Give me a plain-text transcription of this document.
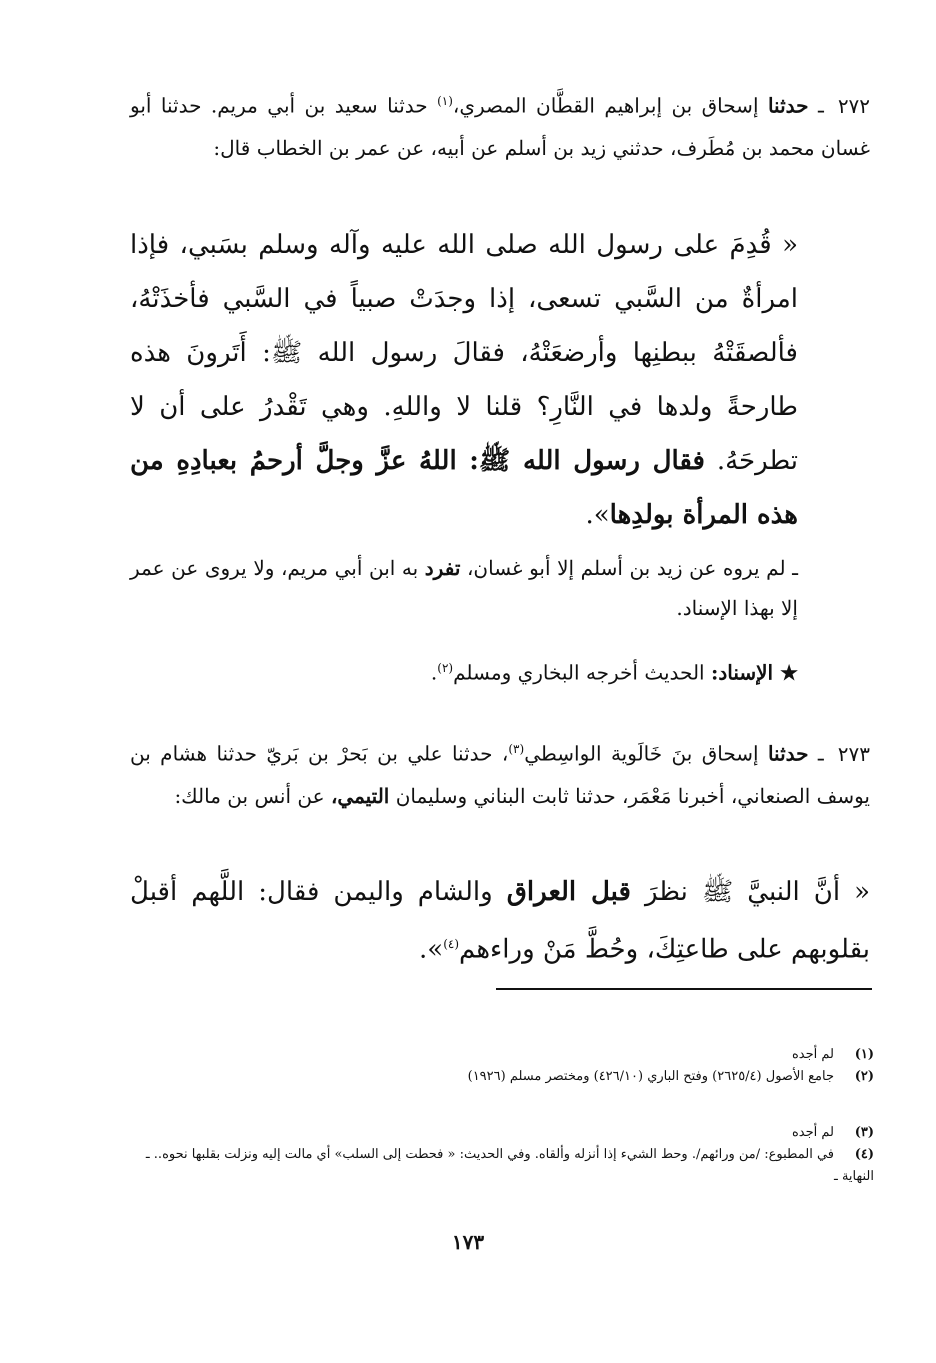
٢٧٢ـ حدثنا إسحاق بن إبراهيم القطَّان المصري،$^{(١)}$ حدثنا سعيد بن أبي مريم. حدثنا أبو غسان محمد بن مُطَرف، حدثني زيد بن أسلم عن أبيه، عن عمر بن الخطاب قال:

« قُدِمَ على رسول الله صلى الله عليه وآله وسلم بسَبي، فإذا امرأةٌ من السَّبي تسعى، إذا وجدَتْ صبياً في السَّبي فأخذَتْهُ، فألصقَتْهُ ببطنِها وأرضعَتْهُ، فقالَ رسول الله ﷺ: أَتَرونَ هذه طارحةً ولدها في النَّارِ؟ قلنا لا واللهِ. وهي تَقْدرُ على أن لا تطرحَهُ. فقال رسول الله ﷺ: اللهُ عزَّ وجلَّ أرحمُ بعبادِهِ من هذه المرأة بولدِها».

ـ لم يروه عن زيد بن أسلم إلا أبو غسان، تفرد به ابن أبي مريم، ولا يروى عن عمر إلا بهذا الإسناد.

★ الإسناد: الحديث أخرجه البخاري ومسلم$^{(٢)}$.

٢٧٣ـ حدثنا إسحاق بنَ خَالَوية الواسِطي$^{(٣)}$، حدثنا علي بن بَحرْ بن بَريّ حدثنا هشام بن يوسف الصنعاني، أخبرنا مَعْمَر، حدثنا ثابت البناني وسليمان التيمي، عن أنس بن مالك:

« أنَّ النبيَّ ﷺ نظرَ قبل العراق والشام واليمن فقال: اللَّهم أقبلْ بقلوبهم على طاعتِكَ، وحُطَّ مَنْ وراءهم$^{(٤)}$».

(١)لم أجده
(٢)جامع الأصول (٢٦٢٥/٤) وفتح الباري (٤٢٦/١٠) ومختصر مسلم (١٩٢٦)
(٣)لم أجده
(٤)في المطبوع: /من ورائهم/. وحط الشيء إذا أنزله وألقاه. وفي الحديث: « فحطت إلى السلب» أي مالت إليه ونزلت بقلبها نحوه.. ـ النهاية ـ
١٧٣
